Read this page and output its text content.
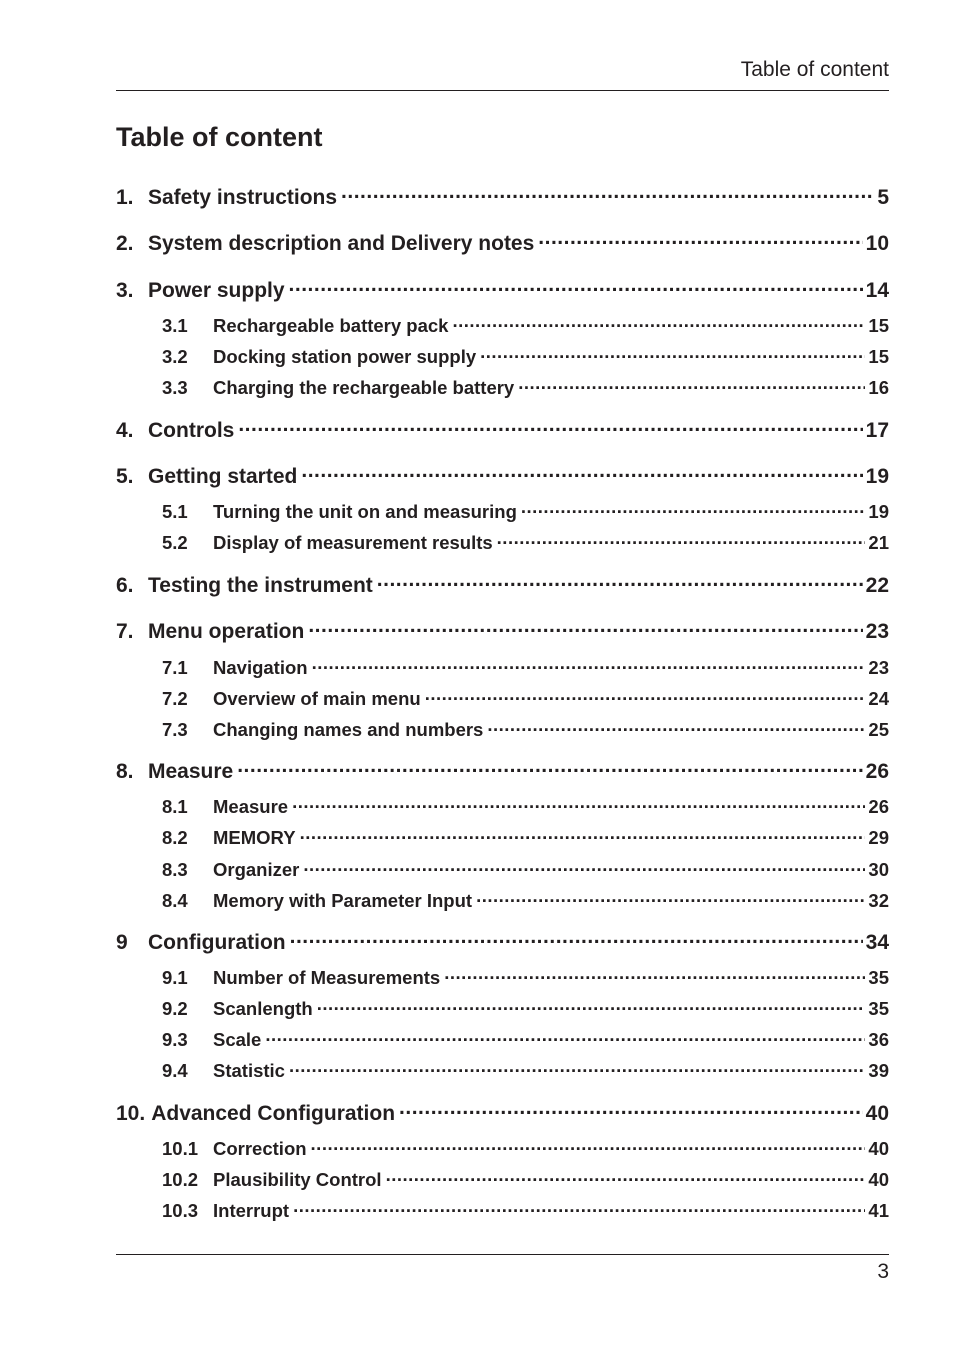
Table of content
Table of content
1. Safety instructions .....	5
2. System description and Delivery notes .....	10
3. Power supply .....	14
3.1	Rechargeable battery pack .....	15
3.2	Docking station power supply .....	15
3.3	Charging the rechargeable battery .....	16
4. Controls .....	17
5. Getting started .....	19
5.1	Turning the unit on and measuring .....	19
5.2	Display of measurement results .....	21
6. Testing the instrument .....	22
7. Menu operation .....	23
7.1	Navigation .....	23
7.2	Overview of main menu .....	24
7.3	Changing names and numbers .....	25
8. Measure .....	26
8.1	Measure .....	26
8.2	MEMORY .....	29
8.3	Organizer .....	30
8.4	Memory with Parameter Input .....	32
9 Configuration .....	34
9.1	Number of Measurements .....	35
9.2	Scanlength .....	35
9.3	Scale .....	36
9.4	Statistic .....	39
10. Advanced Configuration .....	40
10.1 Correction .....	40
10.2 Plausibility Control .....	40
10.3 Interrupt .....	41
3
